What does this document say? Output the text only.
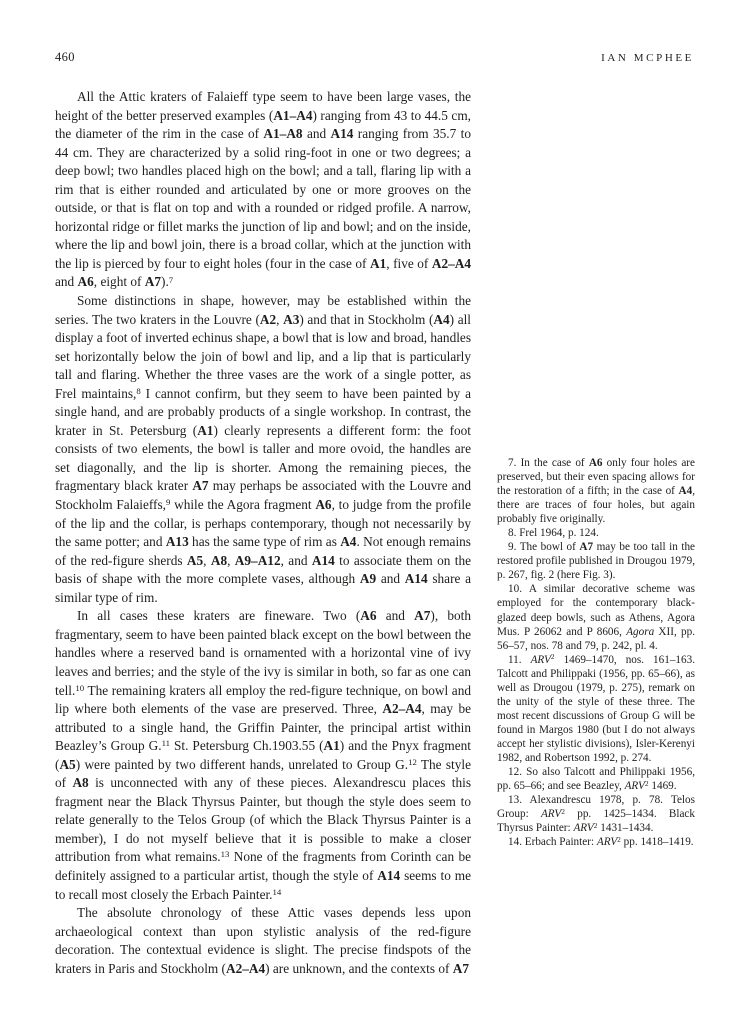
460	IAN MCPHEE

All the Attic kraters of Falaieff type seem to have been large vases, the height of the better preserved examples (A1–A4) ranging from 43 to 44.5 cm, the diameter of the rim in the case of A1–A8 and A14 ranging from 35.7 to 44 cm. They are characterized by a solid ring-foot in one or two degrees; a deep bowl; two handles placed high on the bowl; and a tall, flaring lip with a rim that is either rounded and articulated by one or more grooves on the outside, or that is flat on top and with a rounded or ridged profile. A narrow, horizontal ridge or fillet marks the junction of lip and bowl; and on the inside, where the lip and bowl join, there is a broad collar, which at the junction with the lip is pierced by four to eight holes (four in the case of A1, five of A2–A4 and A6, eight of A7).$^7$

Some distinctions in shape, however, may be established within the series. The two kraters in the Louvre (A2, A3) and that in Stockholm (A4) all display a foot of inverted echinus shape, a bowl that is low and broad, handles set horizontally below the join of bowl and lip, and a lip that is particularly tall and flaring. Whether the three vases are the work of a single potter, as Frel maintains,$^8$ I cannot confirm, but they seem to have been painted by a single hand, and are probably products of a single workshop. In contrast, the krater in St. Petersburg (A1) clearly represents a different form: the foot consists of two elements, the bowl is taller and more ovoid, the handles are set diagonally, and the lip is shorter. Among the remaining pieces, the fragmentary black krater A7 may perhaps be associated with the Louvre and Stockholm Falaieffs,$^9$ while the Agora fragment A6, to judge from the profile of the lip and the collar, is perhaps contemporary, though not necessarily by the same potter; and A13 has the same type of rim as A4. Not enough remains of the red-figure sherds A5, A8, A9–A12, and A14 to associate them on the basis of shape with the more complete vases, although A9 and A14 share a similar type of rim.

In all cases these kraters are fineware. Two (A6 and A7), both fragmentary, seem to have been painted black except on the bowl between the handles where a reserved band is ornamented with a horizontal vine of ivy leaves and berries; and the style of the ivy is similar in both, so far as one can tell.$^{10}$ The remaining kraters all employ the red-figure technique, on bowl and lip where both elements of the vase are preserved. Three, A2–A4, may be attributed to a single hand, the Griffin Painter, the principal artist within Beazley’s Group G.$^{11}$ St. Petersburg Ch.1903.55 (A1) and the Pnyx fragment (A5) were painted by two different hands, unrelated to Group G.$^{12}$ The style of A8 is unconnected with any of these pieces. Alexandrescu places this fragment near the Black Thyrsus Painter, but though the style does seem to relate generally to the Telos Group (of which the Black Thyrsus Painter is a member), I do not myself believe that it is possible to make a closer attribution from what remains.$^{13}$ None of the fragments from Corinth can be definitely assigned to a particular artist, though the style of A14 seems to me to recall most closely the Erbach Painter.$^{14}$

The absolute chronology of these Attic vases depends less upon archaeological context than upon stylistic analysis of the red-figure decoration. The contextual evidence is slight. The precise findspots of the kraters in Paris and Stockholm (A2–A4) are unknown, and the contexts of A7

7. In the case of A6 only four holes are preserved, but their even spacing allows for the restoration of a fifth; in the case of A4, there are traces of four holes, but again probably five originally.

8. Frel 1964, p. 124.

9. The bowl of A7 may be too tall in the restored profile published in Drougou 1979, p. 267, fig. 2 (here Fig. 3).

10. A similar decorative scheme was employed for the contemporary black-glazed deep bowls, such as Athens, Agora Mus. P 26062 and P 8606, Agora XII, pp. 56–57, nos. 78 and 79, p. 242, pl. 4.

11. ARV$^2$ 1469–1470, nos. 161–163. Talcott and Philippaki (1956, pp. 65–66), as well as Drougou (1979, p. 275), remark on the unity of the style of these three. The most recent discussions of Group G will be found in Margos 1980 (but I do not always accept her stylistic divisions), Isler-Kerenyi 1982, and Robertson 1992, p. 274.

12. So also Talcott and Philippaki 1956, pp. 65–66; and see Beazley, ARV$^2$ 1469.

13. Alexandrescu 1978, p. 78. Telos Group: ARV$^2$ pp. 1425–1434. Black Thyrsus Painter: ARV$^2$ 1431–1434.

14. Erbach Painter: ARV$^2$ pp. 1418–1419.
